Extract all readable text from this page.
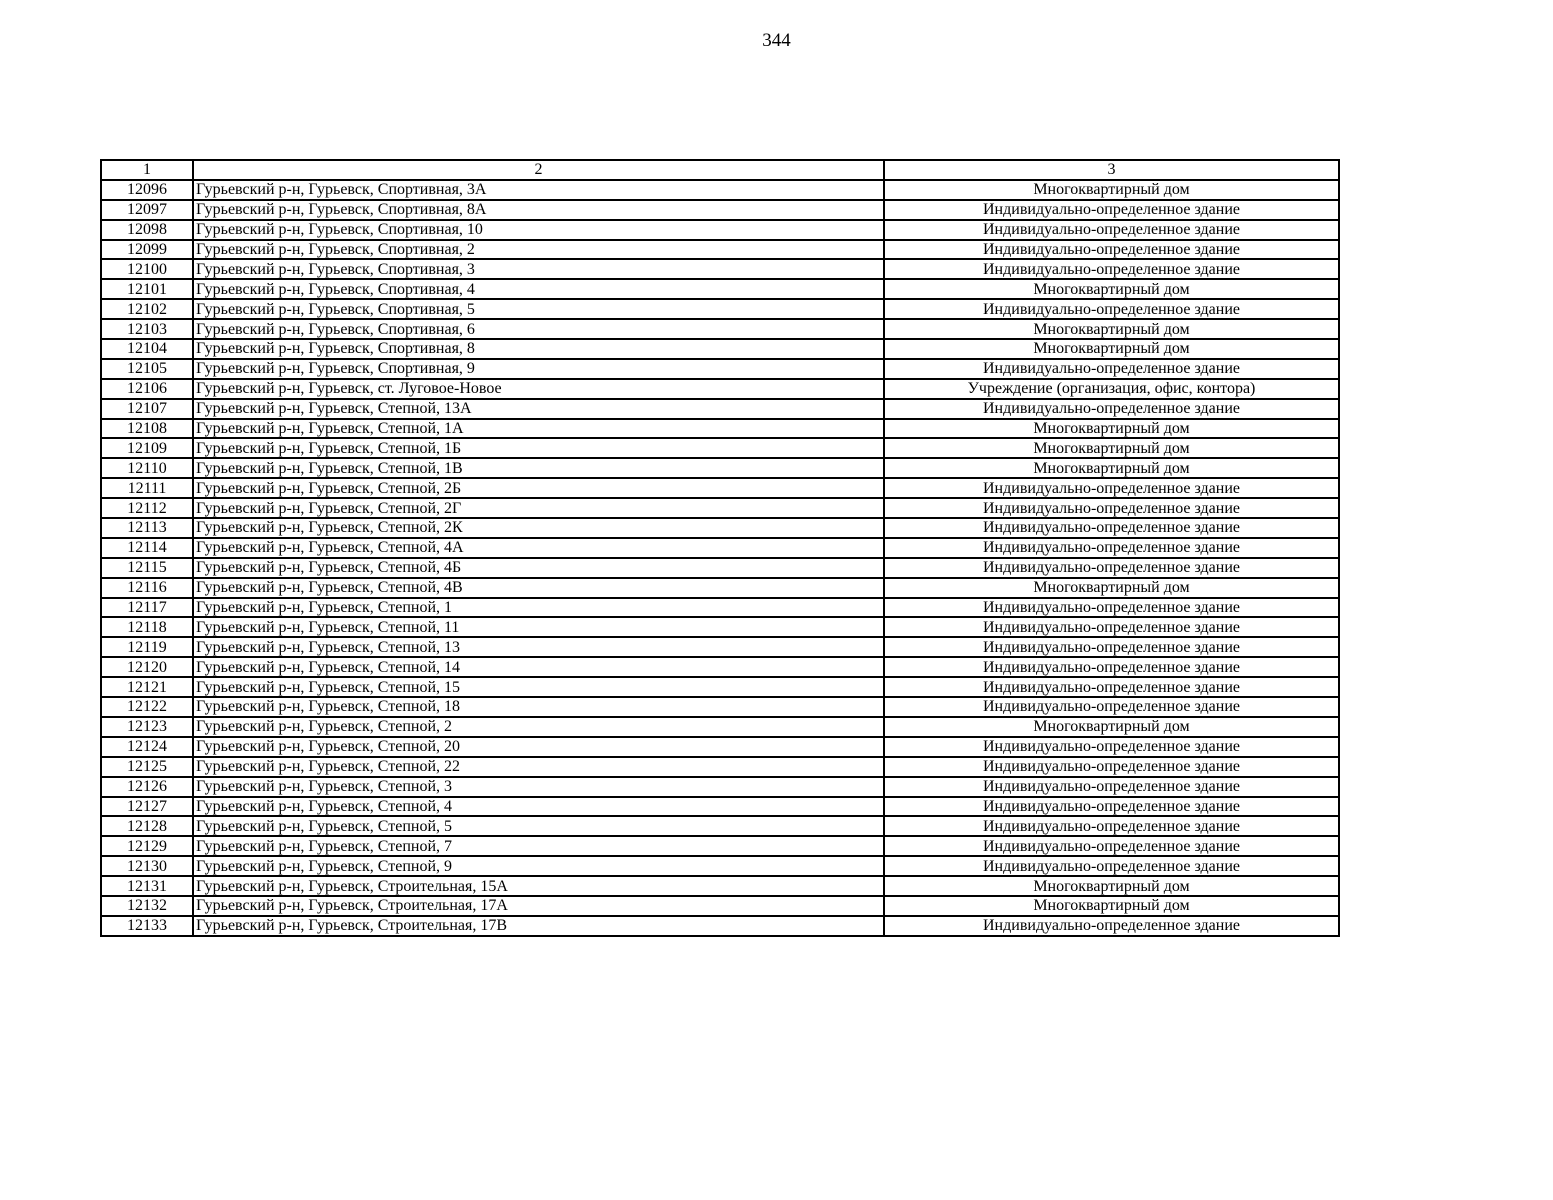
344
1	2	3
12096	Гурьевский р-н, Гурьевск, Спортивная, 3А	Многоквартирный дом
12097	Гурьевский р-н, Гурьевск, Спортивная, 8А	Индивидуально-определенное здание
12098	Гурьевский р-н, Гурьевск, Спортивная, 10	Индивидуально-определенное здание
12099	Гурьевский р-н, Гурьевск, Спортивная, 2	Индивидуально-определенное здание
12100	Гурьевский р-н, Гурьевск, Спортивная, 3	Индивидуально-определенное здание
12101	Гурьевский р-н, Гурьевск, Спортивная, 4	Многоквартирный дом
12102	Гурьевский р-н, Гурьевск, Спортивная, 5	Индивидуально-определенное здание
12103	Гурьевский р-н, Гурьевск, Спортивная, 6	Многоквартирный дом
12104	Гурьевский р-н, Гурьевск, Спортивная, 8	Многоквартирный дом
12105	Гурьевский р-н, Гурьевск, Спортивная, 9	Индивидуально-определенное здание
12106	Гурьевский р-н, Гурьевск, ст. Луговое-Новое	Учреждение (организация, офис, контора)
12107	Гурьевский р-н, Гурьевск, Степной, 13А	Индивидуально-определенное здание
12108	Гурьевский р-н, Гурьевск, Степной, 1А	Многоквартирный дом
12109	Гурьевский р-н, Гурьевск, Степной, 1Б	Многоквартирный дом
12110	Гурьевский р-н, Гурьевск, Степной, 1В	Многоквартирный дом
12111	Гурьевский р-н, Гурьевск, Степной, 2Б	Индивидуально-определенное здание
12112	Гурьевский р-н, Гурьевск, Степной, 2Г	Индивидуально-определенное здание
12113	Гурьевский р-н, Гурьевск, Степной, 2К	Индивидуально-определенное здание
12114	Гурьевский р-н, Гурьевск, Степной, 4А	Индивидуально-определенное здание
12115	Гурьевский р-н, Гурьевск, Степной, 4Б	Индивидуально-определенное здание
12116	Гурьевский р-н, Гурьевск, Степной, 4В	Многоквартирный дом
12117	Гурьевский р-н, Гурьевск, Степной, 1	Индивидуально-определенное здание
12118	Гурьевский р-н, Гурьевск, Степной, 11	Индивидуально-определенное здание
12119	Гурьевский р-н, Гурьевск, Степной, 13	Индивидуально-определенное здание
12120	Гурьевский р-н, Гурьевск, Степной, 14	Индивидуально-определенное здание
12121	Гурьевский р-н, Гурьевск, Степной, 15	Индивидуально-определенное здание
12122	Гурьевский р-н, Гурьевск, Степной, 18	Индивидуально-определенное здание
12123	Гурьевский р-н, Гурьевск, Степной, 2	Многоквартирный дом
12124	Гурьевский р-н, Гурьевск, Степной, 20	Индивидуально-определенное здание
12125	Гурьевский р-н, Гурьевск, Степной, 22	Индивидуально-определенное здание
12126	Гурьевский р-н, Гурьевск, Степной, 3	Индивидуально-определенное здание
12127	Гурьевский р-н, Гурьевск, Степной, 4	Индивидуально-определенное здание
12128	Гурьевский р-н, Гурьевск, Степной, 5	Индивидуально-определенное здание
12129	Гурьевский р-н, Гурьевск, Степной, 7	Индивидуально-определенное здание
12130	Гурьевский р-н, Гурьевск, Степной, 9	Индивидуально-определенное здание
12131	Гурьевский р-н, Гурьевск, Строительная, 15А	Многоквартирный дом
12132	Гурьевский р-н, Гурьевск, Строительная, 17А	Многоквартирный дом
12133	Гурьевский р-н, Гурьевск, Строительная, 17В	Индивидуально-определенное здание
